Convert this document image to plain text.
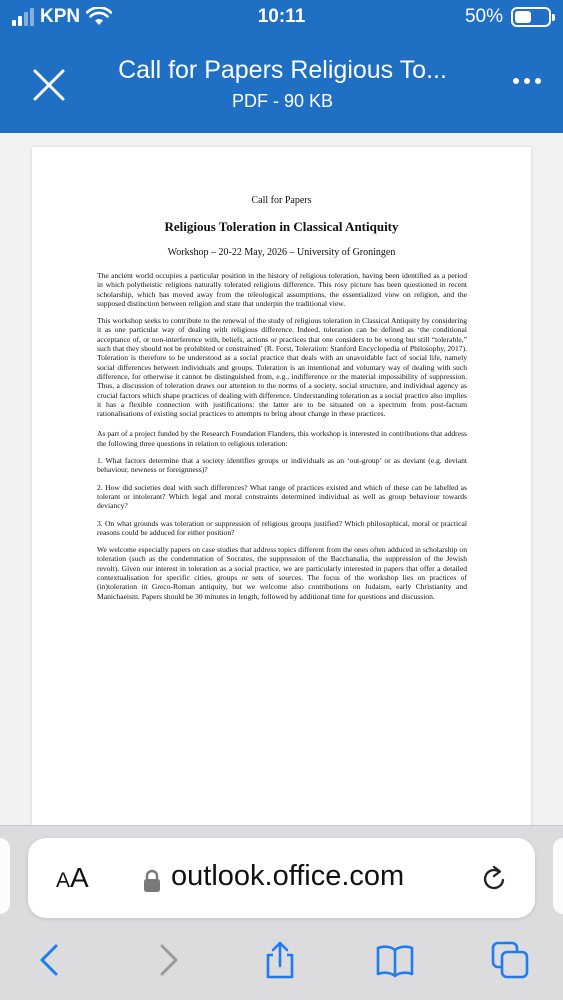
KPN	10:11	50%
Call for Papers Religious To...
PDF - 90 KB
Call for Papers
Religious Toleration in Classical Antiquity
Workshop – 20-22 May, 2026 – University of Groningen

The ancient world occupies a particular position in the history of religious toleration, having been identified as a period in which polytheistic religions naturally tolerated religious difference. This rosy picture has been questioned in recent scholarship, which has moved away from the teleological assumptions, the essentialized view on religion, and the supposed distinction between religion and state that underpin the traditional view.

This workshop seeks to contribute to the renewal of the study of religious toleration in Classical Antiquity by considering it as one particular way of dealing with religious difference. Indeed, toleration can be defined as ‘the conditional acceptance of, or non-interference with, beliefs, actions or practices that one considers to be wrong but still “tolerable,” such that they should not be prohibited or constrained’ (R. Forst, Toleration: Stanford Encyclopedia of Philosophy, 2017). Toleration is therefore to be understood as a social practice that deals with an unavoidable fact of social life, namely social differences between individuals and groups. Toleration is an intentional and voluntary way of dealing with such difference, for otherwise it cannot be distinguished from, e.g., indifference or the material impossibility of suppression. Thus, a discussion of toleration draws our attention to the norms of a society, social structure, and individual agency as crucial factors which shape practices of dealing with difference. Understanding toleration as a social practice also implies it has a flexible connection with justifications: the latter are to be situated on a spectrum from post-factum rationalisations of existing social practices to attempts to bring about change in these practices.

As part of a project funded by the Research Foundation Flanders, this workshop is interested in contributions that address the following three questions in relation to religious toleration:

1. What factors determine that a society identifies groups or individuals as an ‘out-group’ or as deviant (e.g. deviant behaviour, newness or foreignness)?

2. How did societies deal with such differences? What range of practices existed and which of these can be labelled as tolerant or intolerant? Which legal and moral constraints determined individual as well as group behaviour towards deviancy?

3. On what grounds was toleration or suppression of religious groups justified? Which philosophical, moral or practical reasons could be adduced for either position?

We welcome especially papers on case studies that address topics different from the ones often adduced in scholarship on toleration (such as the condemnation of Socrates, the suppression of the Bacchanalia, the suppression of the Jewish revolt). Given our interest in toleration as a social practice, we are particularly interested in papers that offer a detailed contextualisation for specific cities, groups or sets of sources. The focus of the workshop lies on practices of (in)toleration in Greco-Roman antiquity, but we welcome also contributions on Judaism, early Christianity and Manichaeism. Papers should be 30 minutes in length, followed by additional time for questions and discussion.

AA	outlook.office.com
